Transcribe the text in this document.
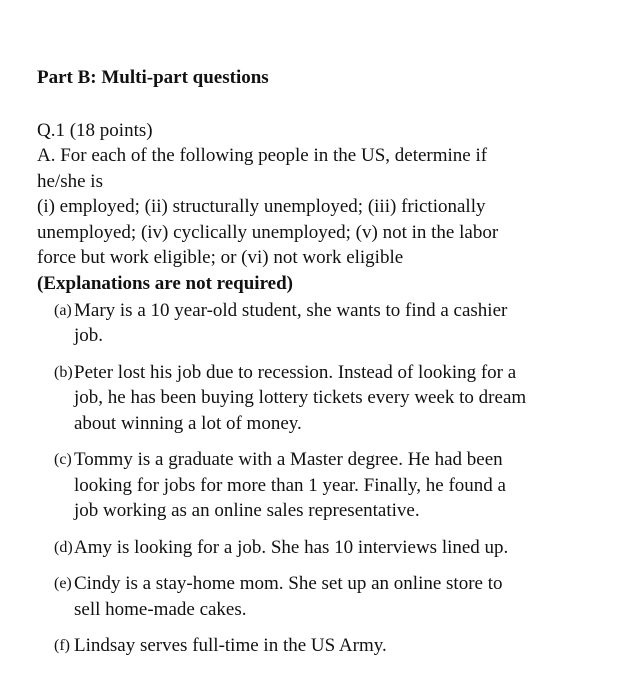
Part B: Multi-part questions

Q.1 (18 points)

A. For each of the following people in the US, determine if
he/she is
(i) employed; (ii) structurally unemployed; (iii) frictionally
unemployed; (iv) cyclically unemployed; (v) not in the labor
force but work eligible; or (vi) not work eligible

(Explanations are not required)

(a) Mary is a 10 year-old student, she wants to find a cashier
job.
(b) Peter lost his job due to recession. Instead of looking for a
job, he has been buying lottery tickets every week to dream
about winning a lot of money.
(c) Tommy is a graduate with a Master degree. He had been
looking for jobs for more than 1 year. Finally, he found a
job working as an online sales representative.
(d) Amy is looking for a job. She has 10 interviews lined up.
(e) Cindy is a stay-home mom. She set up an online store to
sell home-made cakes.
(f) Lindsay serves full-time in the US Army.
